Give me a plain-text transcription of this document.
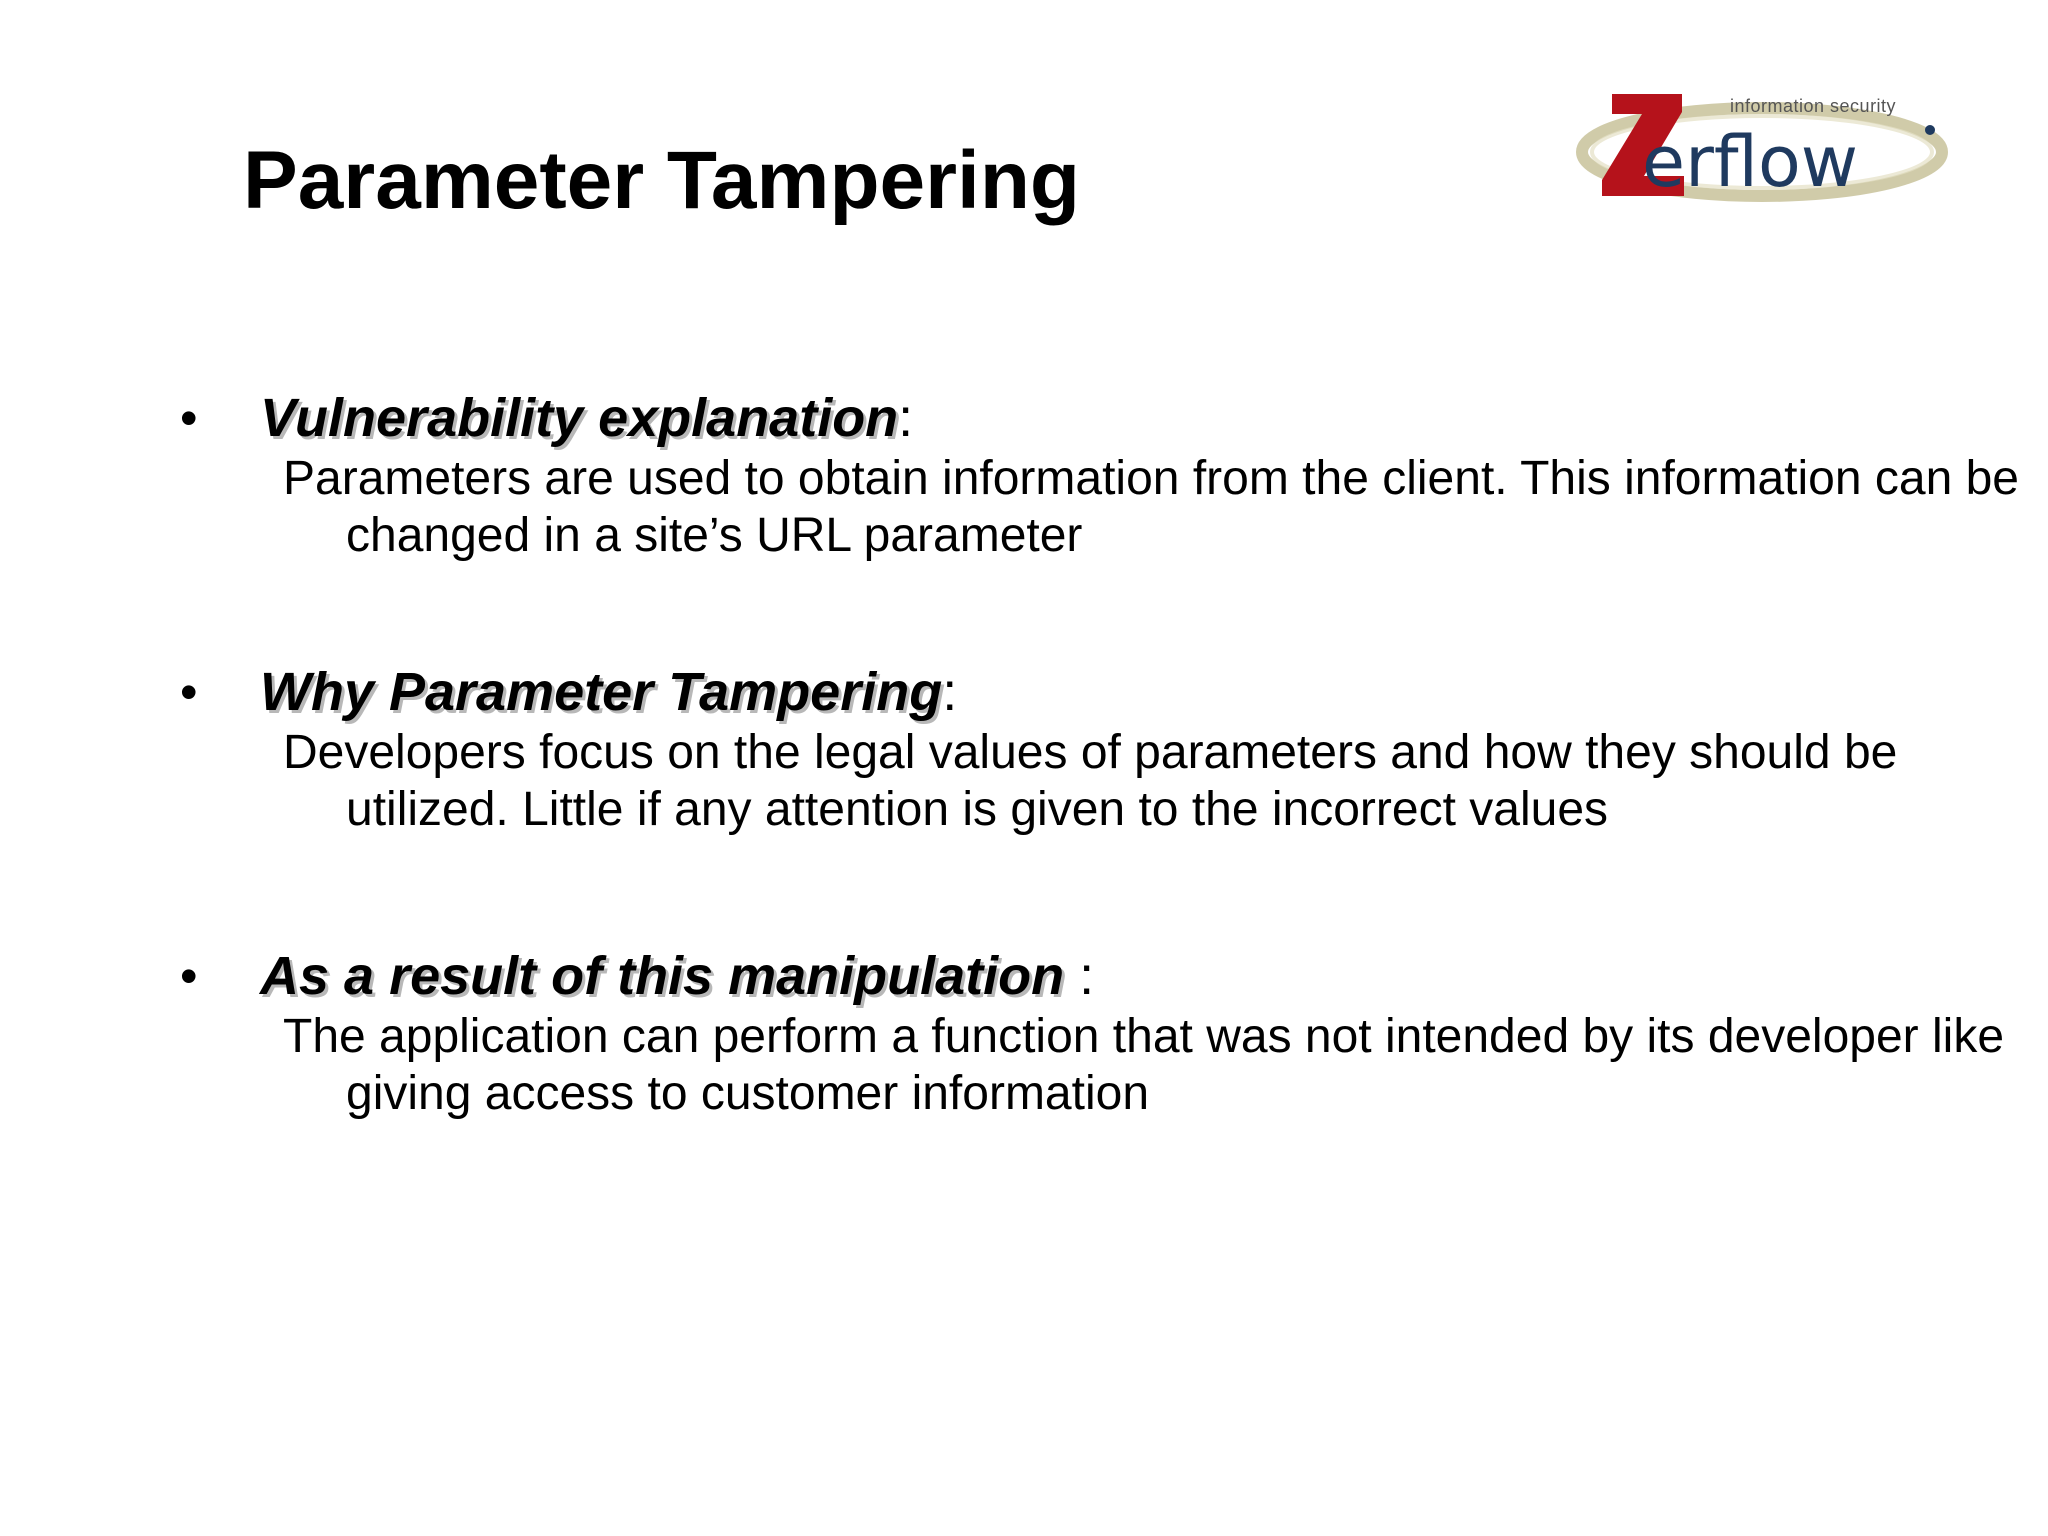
Parameter Tampering	erflow
information security
• Vulnerability explanation:
Parameters are used to obtain information from the client. This information can be changed in a site’s URL parameter
• Why Parameter Tampering:
Developers focus on the legal values of parameters and how they should be utilized. Little if any attention is given to the incorrect values
• As a result of this manipulation :
The application can perform a function that was not intended by its developer like giving access to customer information
